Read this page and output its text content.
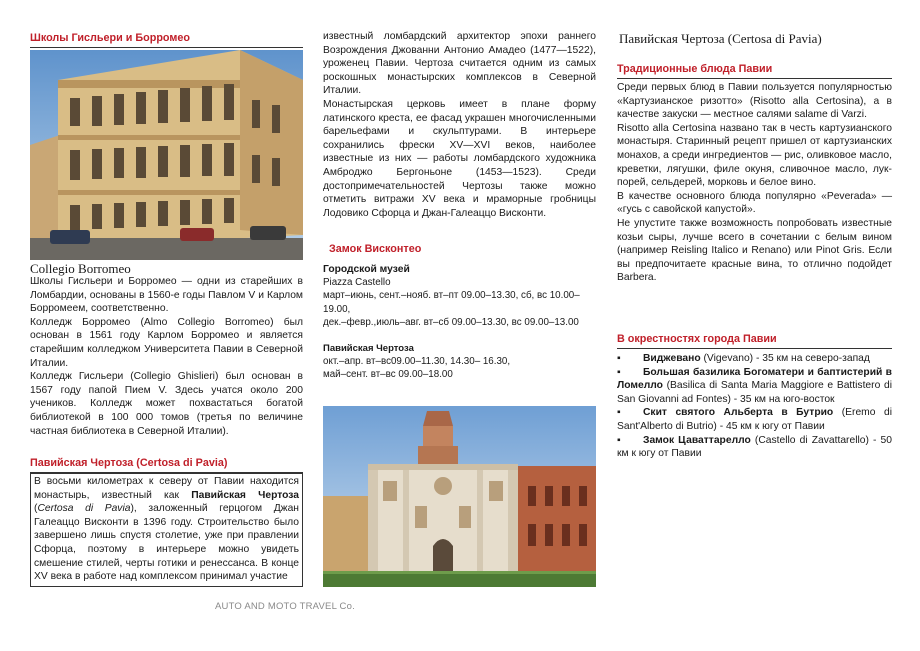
Школы Гисльери и Борромео
Collegio Borromeo

Школы Гисльери и Борромео — одни из старейших в Ломбардии, основаны в 1560-е годы Павлом V и Карлом Борромеем, соответственно.

Колледж Борромео (Almo Collegio Borromeo) был основан в 1561 году Карлом Борромео и является старейшим колледжом Университета Павии в Северной Италии.

Колледж Гисльери (Collegio Ghislieri) был основан в 1567 году папой Пием V. Здесь учатся около 200 учеников. Колледж может похвастаться богатой библиотекой в 100 000 томов (третья по величине частная библиотека в Северной Италии).

Павийская Чертоза (Certosa di Pavia)

В восьми километрах к северу от Павии находится монастырь, известный как Павийская Чертоза (Certosa di Pavia), заложенный герцогом Джан Галеаццо Висконти в 1396 году. Строительство было завершено лишь спустя столетие, уже при правлении Сфорца, поэтому в интерьере можно увидеть смешение стилей, черты готики и ренессанса. В конце XV века в работе над комплексом принимал участие

известный ломбардский архитектор эпохи раннего Возрождения Джованни Антонио Амадео (1477—1522), уроженец Павии. Чертоза считается одним из самых роскошных монастырских комплексов в Северной Италии.

Монастырская церковь имеет в плане форму латинского креста, ее фасад украшен многочисленными барельефами и скульптурами. В интерьере сохранились фрески XV—XVI веков, наиболее известные из них — работы ломбардского художника Амброджо Бергоньоне (1453—1523). Среди достопримечательностей Чертозы также можно отметить витражи XV века и мраморные гробницы Лодовико Сфорца и Джан-Галеаццо Висконти.

Замок Висконтео
Городской музей
Piazza Castello
март–июнь, сент.–нояб. вт–пт 09.00–13.30, сб, вс 10.00–19.00,
дек.–февр.,июль–авг. вт–сб 09.00–13.30, вс 09.00–13.00
Павийская Чертоза
окт.–апр. вт–вс09.00–11.30, 14.30– 16.30,
май–сент. вт–вс 09.00–18.00
Павийская Чертоза (Certosa di Pavia)
Традиционные блюда Павии

Среди первых блюд в Павии пользуется популярностью «Картузианское ризотто» (Risotto alla Certosina), а в качестве закуски — местное салями salame di Varzi.

Risotto alla Certosina названо так в честь картузианского монастыря. Старинный рецепт пришел от картузианских монахов, а среди ингредиентов — рис, оливковое масло, креветки, лягушки, филе окуня, сливочное масло, лук-порей, сельдерей, морковь и белое вино.

В качестве основного блюда популярно «Peverada» — «гусь с савойской капустой».

Не упустите также возможность попробовать известные козьи сыры, лучше всего в сочетании с белым вином (например Reisling Italico и Renano) или Pinot Gris. Если вы предпочитаете красные вина, то отлично подойдет Barbera.

В окрестностях города Павии
▪ Виджевано (Vigevano) - 35 км на северо-запад
▪ Большая базилика Богоматери и баптистерий в Ломелло (Basilica di Santa Maria Maggiore e Battistero di San Giovanni ad Fontes) - 35 км на юго-восток
▪ Скит святого Альберта в Бутрио (Eremo di Sant'Alberto di Butrio) - 45 км к югу от Павии
▪ Замок Цаваттарелло (Castello di Zavattarello) - 50 км к югу от Павии
AUTO AND MOTO TRAVEL Co.
